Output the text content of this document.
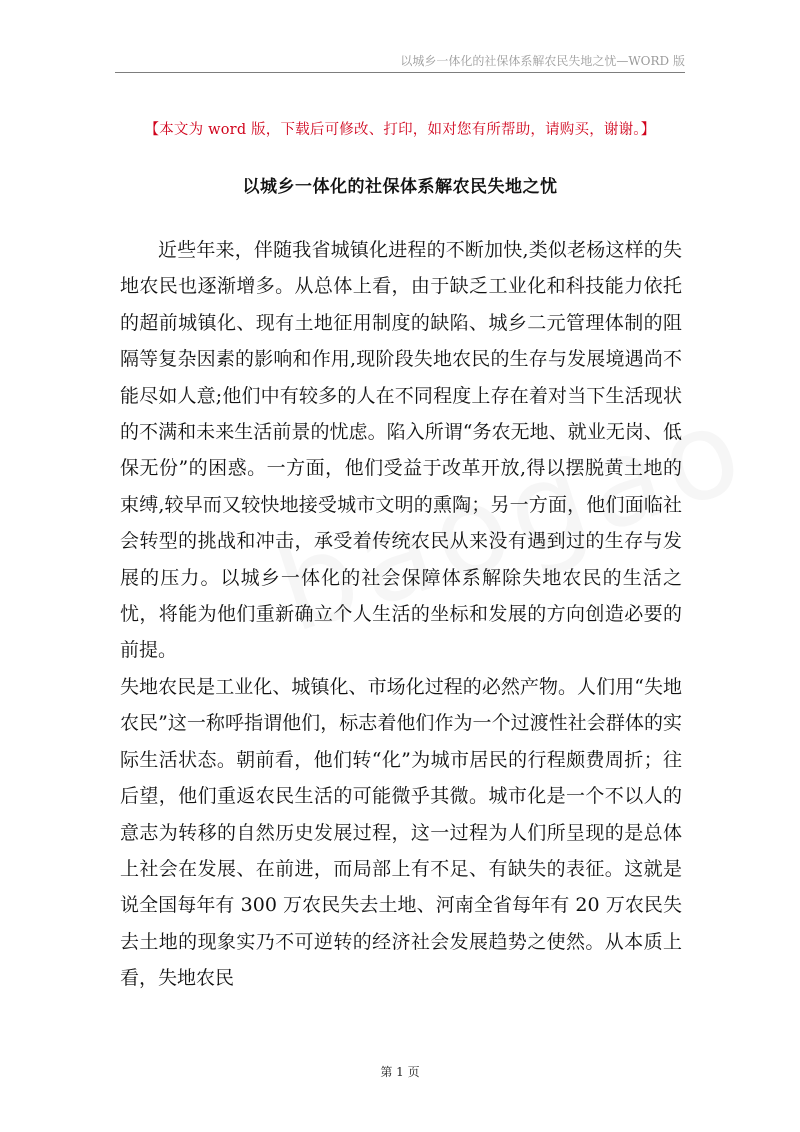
以城乡一体化的社保体系解农民失地之忧—WORD 版
【本文为 word 版，下载后可修改、打印，如对您有所帮助，请购买，谢谢。】
以城乡一体化的社保体系解农民失地之忧

近些年来，伴随我省城镇化进程的不断加快,类似老杨这样的失地农民也逐渐增多。从总体上看，由于缺乏工业化和科技能力依托的超前城镇化、现有土地征用制度的缺陷、城乡二元管理体制的阻隔等复杂因素的影响和作用,现阶段失地农民的生存与发展境遇尚不能尽如人意;他们中有较多的人在不同程度上存在着对当下生活现状的不满和未来生活前景的忧虑。陷入所谓“务农无地、就业无岗、低保无份”的困惑。一方面，他们受益于改革开放,得以摆脱黄土地的束缚,较早而又较快地接受城市文明的熏陶；另一方面，他们面临社会转型的挑战和冲击，承受着传统农民从来没有遇到过的生存与发展的压力。以城乡一体化的社会保障体系解除失地农民的生活之忧，将能为他们重新确立个人生活的坐标和发展的方向创造必要的前提。

失地农民是工业化、城镇化、市场化过程的必然产物。人们用“失地农民”这一称呼指谓他们，标志着他们作为一个过渡性社会群体的实际生活状态。朝前看，他们转“化”为城市居民的行程颇费周折；往后望，他们重返农民生活的可能微乎其微。城市化是一个不以人的意志为转移的自然历史发展过程，这一过程为人们所呈现的是总体上社会在发展、在前进，而局部上有不足、有缺失的表征。这就是说全国每年有 300 万农民失去土地、河南全省每年有 20 万农民失去土地的现象实乃不可逆转的经济社会发展趋势之使然。从本质上看，失地农民

第 1 页
